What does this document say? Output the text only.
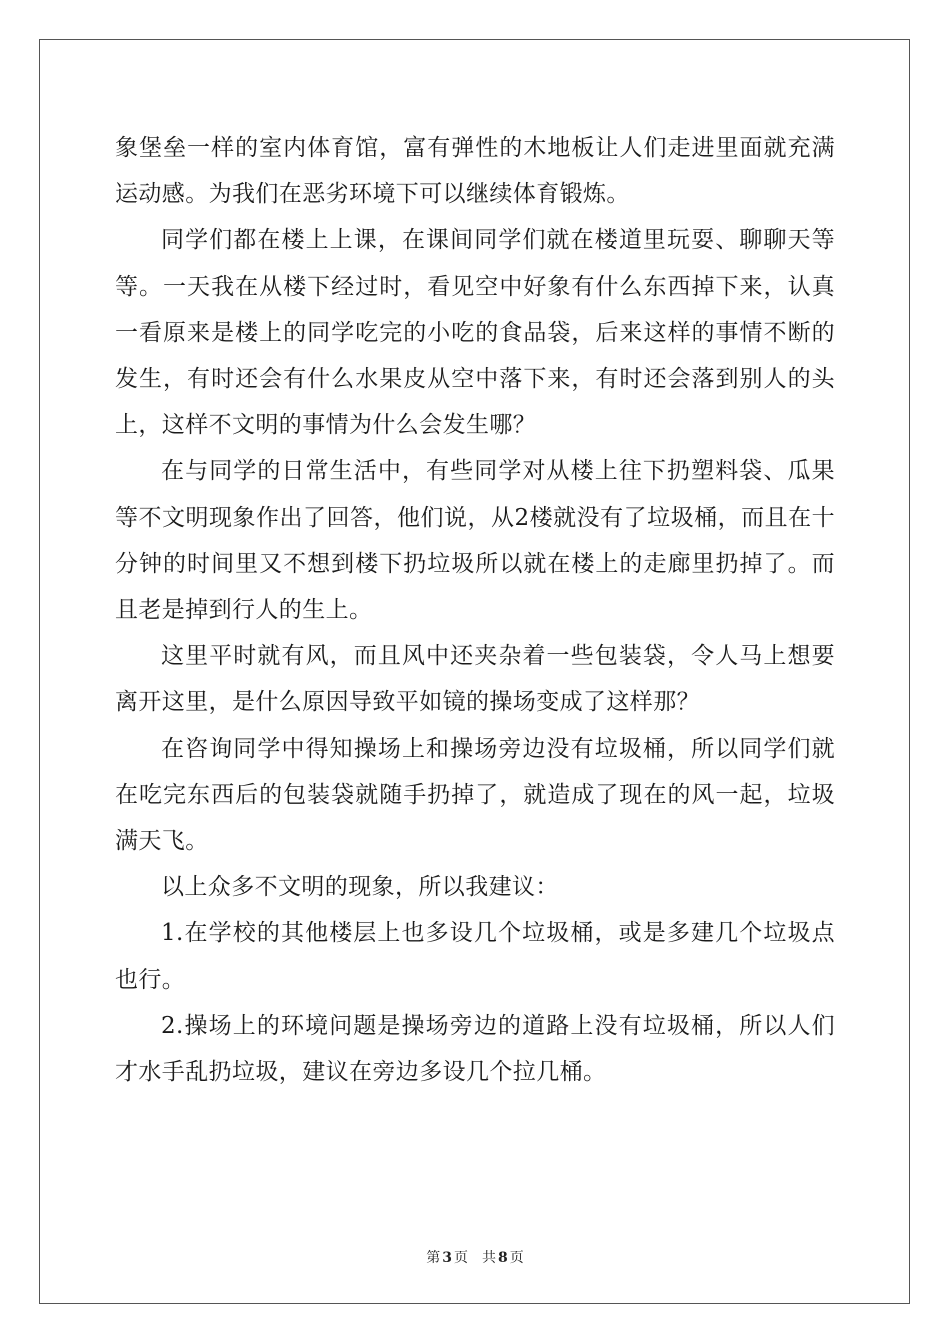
象堡垒一样的室内体育馆，富有弹性的木地板让人们走进里面就充满运动感。为我们在恶劣环境下可以继续体育锻炼。

同学们都在楼上上课，在课间同学们就在楼道里玩耍、聊聊天等等。一天我在从楼下经过时，看见空中好象有什么东西掉下来，认真一看原来是楼上的同学吃完的小吃的食品袋，后来这样的事情不断的发生，有时还会有什么水果皮从空中落下来，有时还会落到别人的头上，这样不文明的事情为什么会发生哪？

在与同学的日常生活中，有些同学对从楼上往下扔塑料袋、瓜果等不文明现象作出了回答，他们说，从2楼就没有了垃圾桶，而且在十分钟的时间里又不想到楼下扔垃圾所以就在楼上的走廊里扔掉了。而且老是掉到行人的生上。

这里平时就有风，而且风中还夹杂着一些包装袋，令人马上想要离开这里，是什么原因导致平如镜的操场变成了这样那？

在咨询同学中得知操场上和操场旁边没有垃圾桶，所以同学们就在吃完东西后的包装袋就随手扔掉了，就造成了现在的风一起，垃圾满天飞。

以上众多不文明的现象，所以我建议：

1.在学校的其他楼层上也多设几个垃圾桶，或是多建几个垃圾点也行。

2.操场上的环境问题是操场旁边的道路上没有垃圾桶，所以人们才水手乱扔垃圾，建议在旁边多设几个拉几桶。

第 3 页 共 8 页
